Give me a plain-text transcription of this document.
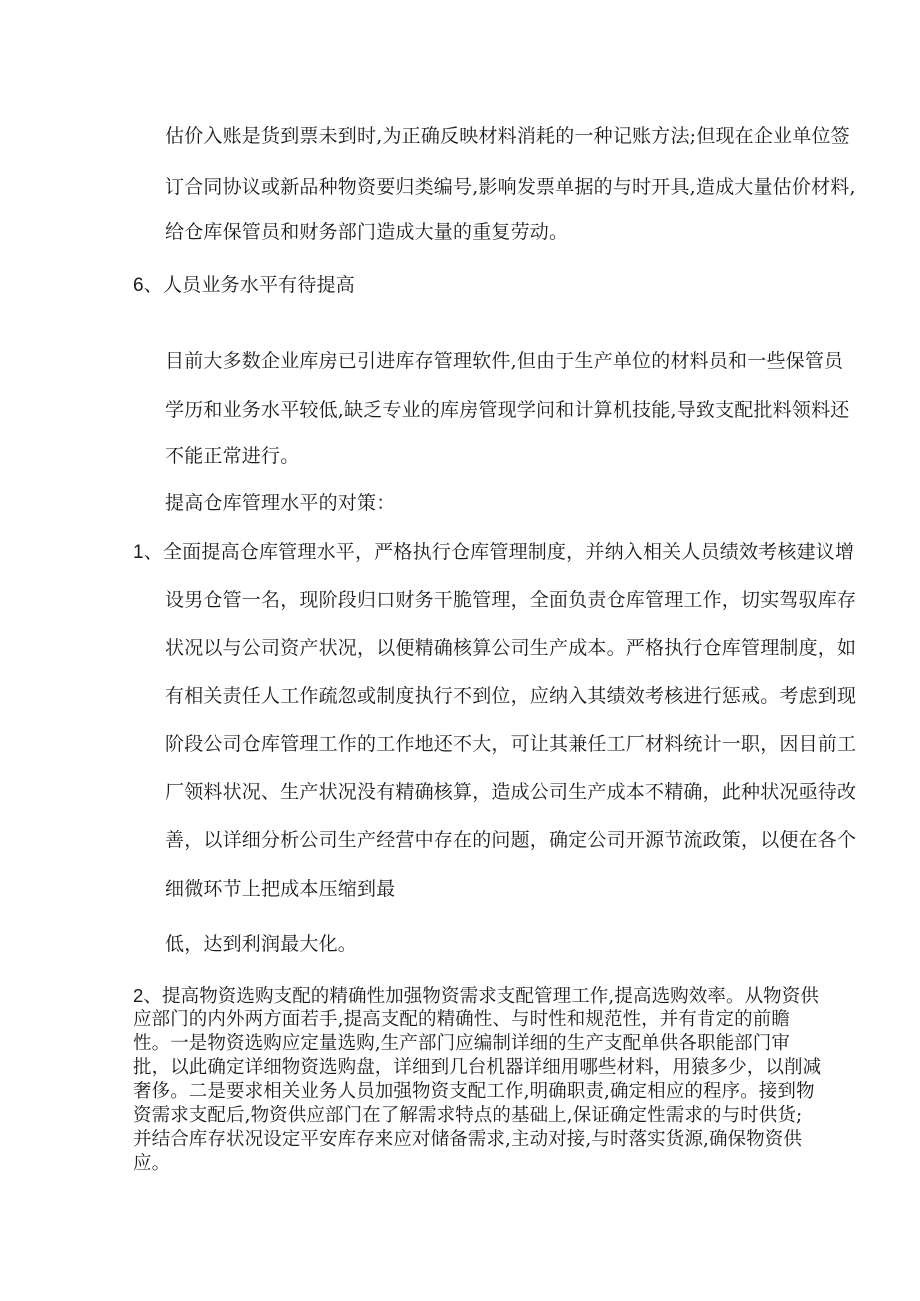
估价入账是货到票未到时,为正确反映材料消耗的一种记账方法;但现在企业单位签
订合同协议或新品种物资要归类编号,影响发票单据的与时开具,造成大量估价材料,
给仓库保管员和财务部门造成大量的重复劳动。
6、人员业务水平有待提高
目前大多数企业库房已引进库存管理软件,但由于生产单位的材料员和一些保管员
学历和业务水平较低,缺乏专业的库房管现学问和计算机技能,导致支配批料领料还
不能正常进行。
提高仓库管理水平的对策：
1、全面提高仓库管理水平，严格执行仓库管理制度，并纳入相关人员绩效考核建议增
设男仓管一名，现阶段归口财务干脆管理，全面负责仓库管理工作，切实驾驭库存
状况以与公司资产状况，以便精确核算公司生产成本。严格执行仓库管理制度，如
有相关责任人工作疏忽或制度执行不到位，应纳入其绩效考核进行惩戒。考虑到现
阶段公司仓库管理工作的工作地还不大，可让其兼任工厂材料统计一职，因目前工
厂领料状况、生产状况没有精确核算，造成公司生产成本不精确，此种状况亟待改
善，以详细分析公司生产经营中存在的问题，确定公司开源节流政策，以便在各个
细微环节上把成本压缩到最
低，达到利润最大化。
2、提高物资选购支配的精确性加强物资需求支配管理工作,提高选购效率。从物资供
应部门的内外两方面若手,提高支配的精确性、与时性和规范性，并有肯定的前瞻
性。一是物资选购应定量选购,生产部门应编制详细的生产支配单供各职能部门审
批，以此确定详细物资选购盘，详细到几台机器详细用哪些材料，用猿多少，以削减
奢侈。二是要求相关业务人员加强物资支配工作,明确职责,确定相应的程序。接到物
资需求支配后,物资供应部门在了解需求特点的基础上,保证确定性需求的与时供货;
并结合库存状况设定平安库存来应对储备需求,主动对接,与时落实货源,确保物资供
应。
